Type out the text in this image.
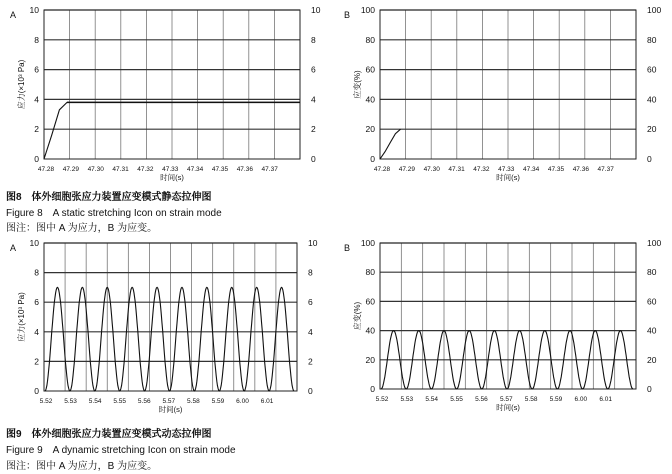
A
0
2
4
6
8
10
0
2
4
6
8
10
47.28 47.29 47.30 47.31 47.32 47.33 47.34 47.35 47.36 47.37
时间(s)
应力(×10³ Pa)
B
0
20
40
60
80
100
0
20
40
60
80
100
47.28 47.29 47.30 47.31 47.32 47.33 47.34 47.35 47.36 47.37
时间(s)
应变(%)
A
0
2
4
6
8
10
0
2
4
6
8
10
5.52 5.53 5.54 5.55 5.56 5.57 5.58 5.59 6.00 6.01
时间(s)
应力(×10³ Pa)
B
0
20
40
60
80
100
0
20
40
60
80
100
5.52 5.53 5.54 5.55 5.56 5.57 5.58 5.59 6.00 6.01
时间(s)
应变(%)
图8　体外细胞张应力装置应变模式静态拉伸图
Figure 8　A static stretching Icon on strain mode
图注：图中 A 为应力，B 为应变。
图9　体外细胞张应力装置应变模式动态拉伸图
Figure 9　A dynamic stretching Icon on strain mode
图注：图中 A 为应力，B 为应变。
